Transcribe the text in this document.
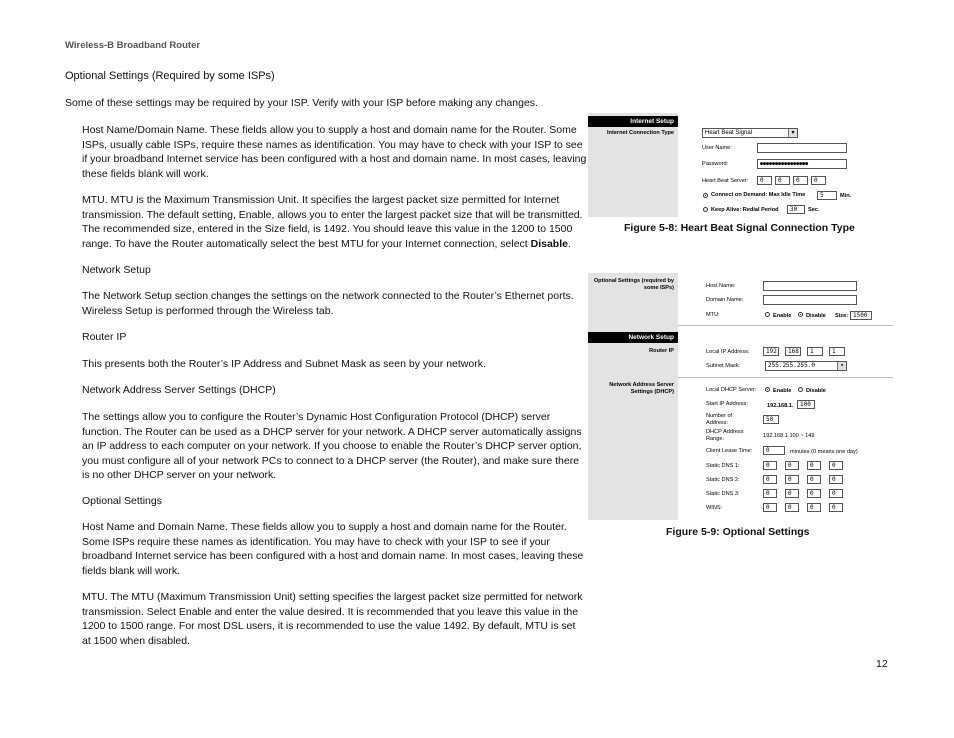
Wireless-B Broadband Router
Optional Settings (Required by some ISPs)
Some of these settings may be required by your ISP. Verify with your ISP before making any changes.
Host Name/Domain Name. These fields allow you to supply a host and domain name for the Router. Some ISPs, usually cable ISPs, require these names as identification. You may have to check with your ISP to see if your broadband Internet service has been configured with a host and domain name. In most cases, leaving these fields blank will work.
MTU. MTU is the Maximum Transmission Unit. It specifies the largest packet size permitted for Internet transmission. The default setting, Enable, allows you to enter the largest packet size that will be transmitted. The recommended size, entered in the Size field, is 1492. You should leave this value in the 1200 to 1500 range. To have the Router automatically select the best MTU for your Internet connection, select Disable.
Network Setup
The Network Setup section changes the settings on the network connected to the Router’s Ethernet ports. Wireless Setup is performed through the Wireless tab.
Router IP
This presents both the Router’s IP Address and Subnet Mask as seen by your network.
Network Address Server Settings (DHCP)
The settings allow you to configure the Router’s Dynamic Host Configuration Protocol (DHCP) server function. The Router can be used as a DHCP server for your network. A DHCP server automatically assigns an IP address to each computer on your network. If you choose to enable the Router’s DHCP server option, you must configure all of your network PCs to connect to a DHCP server (the Router), and make sure there is no other DHCP server on your network.
Optional Settings
Host Name and Domain Name. These fields allow you to supply a host and domain name for the Router. Some ISPs require these names as identification. You may have to check with your ISP to see if your broadband Internet service has been configured with a host and domain name. In most cases, leaving these fields blank will work.
MTU. The MTU (Maximum Transmission Unit) setting specifies the largest packet size permitted for network transmission. Select Enable and enter the value desired. It is recommended that you leave this value in the 1200 to 1500 range. For most DSL users, it is recommended to use the value 1492. By default, MTU is set at 1500 when disabled.
12
Internet Setup
Internet Connection Type	Heart Beat Signal	▾
User Name:
Password:	●●●●●●●●●●●●●●●●
Heart Beat Server:	0	0	0	0
Connect on Demand: Max Idle Time	5	Min.
Keep Alive: Redial Period	30	Sec.
Figure 5-8: Heart Beat Signal Connection Type
Optional Settings (required by some ISPs)	Host Name:
Domain Name:
MTU:	Enable	Disable Size: 1500
Network Setup
Router IP	Local IP Address:	192	168	1	1
Subnet Mask:	255.255.255.0	▾
Network Address Server Settings (DHCP)	Local DHCP Server:	Enable	Disable
Start IP Address:	192.168.1.	100
Number of Address:	50
DHCP Address Range:	192.168.1.100 ~ 149
Client Lease Time:	0	minutes (0 means one day)
Static DNS 1:	0	0	0	0
Static DNS 2:	0	0	0	0
Static DNS 3:	0	0	0	0
WINS:	0	0	0	0
Figure 5-9: Optional Settings
